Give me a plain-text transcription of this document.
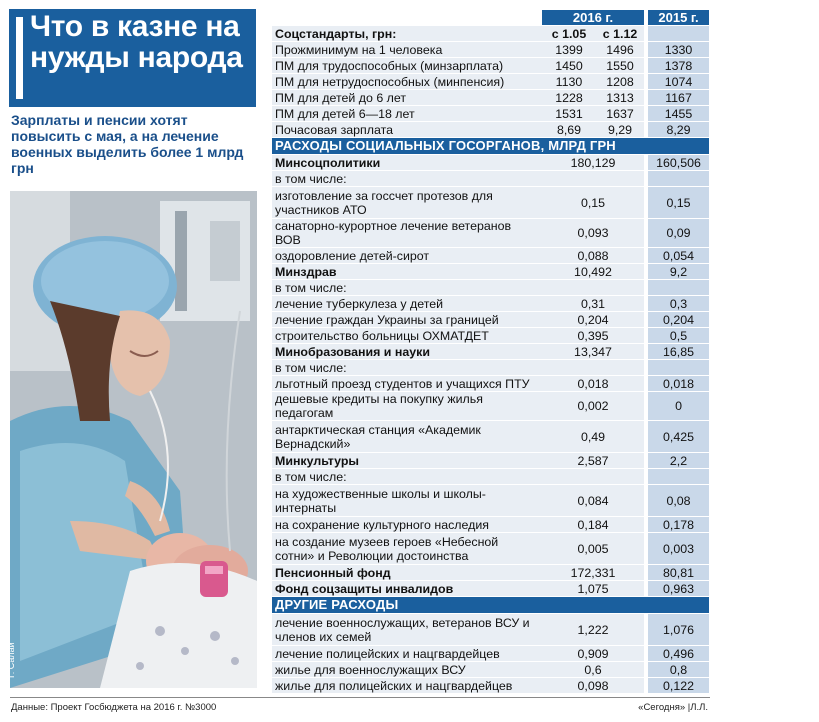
Что в казне на нужды народа

Зарплаты и пенсии хотят повысить с мая, а на лечение военных выделить более 1 млрд грн

Г. Салай
	2016 г.		2015 г.
Соцстандарты, грн:	с 1.05	с 1.12	
Прожминимум на 1 человека	1399	1496	1330
ПМ для трудоспособных (минзарплата)	1450	1550	1378
ПМ для нетрудоспособных (минпенсия)	1130	1208	1074
ПМ для детей до 6 лет	1228	1313	1167
ПМ для детей 6—18 лет	1531	1637	1455
Почасовая зарплата	8,69	9,29	8,29
РАСХОДЫ СОЦИАЛЬНЫХ ГОСОРГАНОВ, МЛРД ГРН			
Минсоцполитики	180,129		160,506
в том числе:			
изготовление за госсчет протезов для участников АТО	0,15		0,15
санаторно-курортное лечение ветеранов ВОВ	0,093		0,09
оздоровление детей-сирот	0,088		0,054
Минздрав	10,492		9,2
в том числе:			
лечение туберкулеза у детей	0,31		0,3
лечение граждан Украины за границей	0,204		0,204
строительство больницы ОХМАТДЕТ	0,395		0,5
Минобразования и науки	13,347		16,85
в том числе:			
льготный проезд студентов и учащихся ПТУ	0,018		0,018
дешевые кредиты на покупку жилья педагогам	0,002		0
антарктическая станция «Академик Вернадский»	0,49		0,425
Минкультуры	2,587		2,2
в том числе:			
на художественные школы и школы-интернаты	0,084		0,08
на сохранение культурного наследия	0,184		0,178
на создание музеев героев «Небесной сотни» и Революции достоинства	0,005		0,003
Пенсионный фонд	172,331		80,81
Фонд соцзащиты инвалидов	1,075		0,963
ДРУГИЕ РАСХОДЫ			
лечение военнослужащих, ветеранов ВСУ и членов их семей	1,222		1,076
лечение полицейских и нацгвардейцев	0,909		0,496
жилье для военнослужащих ВСУ	0,6		0,8
жилье для полицейских и нацгвардейцев	0,098		0,122
Данные: Проект Госбюджета на 2016 г. №3000	«Сегодня» |Л.Л.
